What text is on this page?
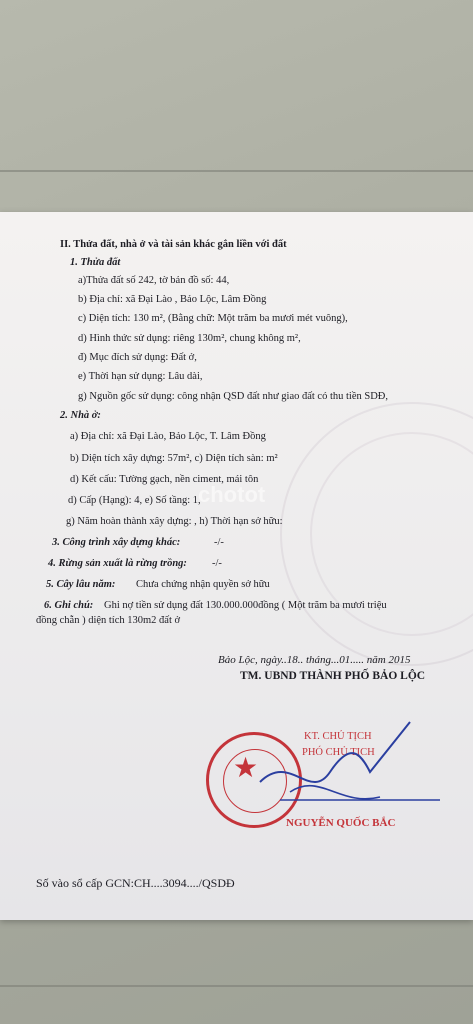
II. Thửa đất, nhà ở và tài sản khác gắn liền với đất
1. Thửa đất
a)Thửa đất số 242, tờ bản đồ số: 44,
b) Địa chỉ: xã Đại Lào , Bảo Lộc, Lâm Đồng
c) Diện tích: 130 m², (Bằng chữ: Một trăm ba mươi mét vuông),
d) Hình thức sử dụng: riêng 130m², chung không m²,
đ) Mục đích sử dụng: Đất ở,
e) Thời hạn sử dụng: Lâu dài,
g) Nguồn gốc sử dụng: công nhận QSD đất như giao đất có thu tiền SDĐ,
2. Nhà ở:
a) Địa chỉ: xã Đại Lào, Bảo Lộc, T. Lâm Đồng
b) Diện tích xây dựng: 57m², c) Diện tích sàn: m²
d) Kết cấu: Tường gạch, nền ciment, mái tôn
d) Cấp (Hạng): 4, e) Số tầng: 1,
g) Năm hoàn thành xây dựng: , h) Thời hạn sở hữu:
3. Công trình xây dựng khác:	-/-
4. Rừng sản xuất là rừng trồng: -/-
5. Cây lâu năm: Chưa chứng nhận quyền sở hữu
6. Ghi chú: Ghi nợ tiền sử dụng đất 130.000.000đồng ( Một trăm ba mươi triệu
đồng chẵn ) diện tích 130m2 đất ở
Bảo Lộc, ngày..18.. tháng...01..... năm 2015
TM. UBND THÀNH PHỐ BẢO LỘC
★
KT. CHỦ TỊCH
PHÓ CHỦ TỊCH
NGUYỄN QUỐC BẮC
Số vào sổ cấp GCN:CH....3094..../QSDĐ
chotot
